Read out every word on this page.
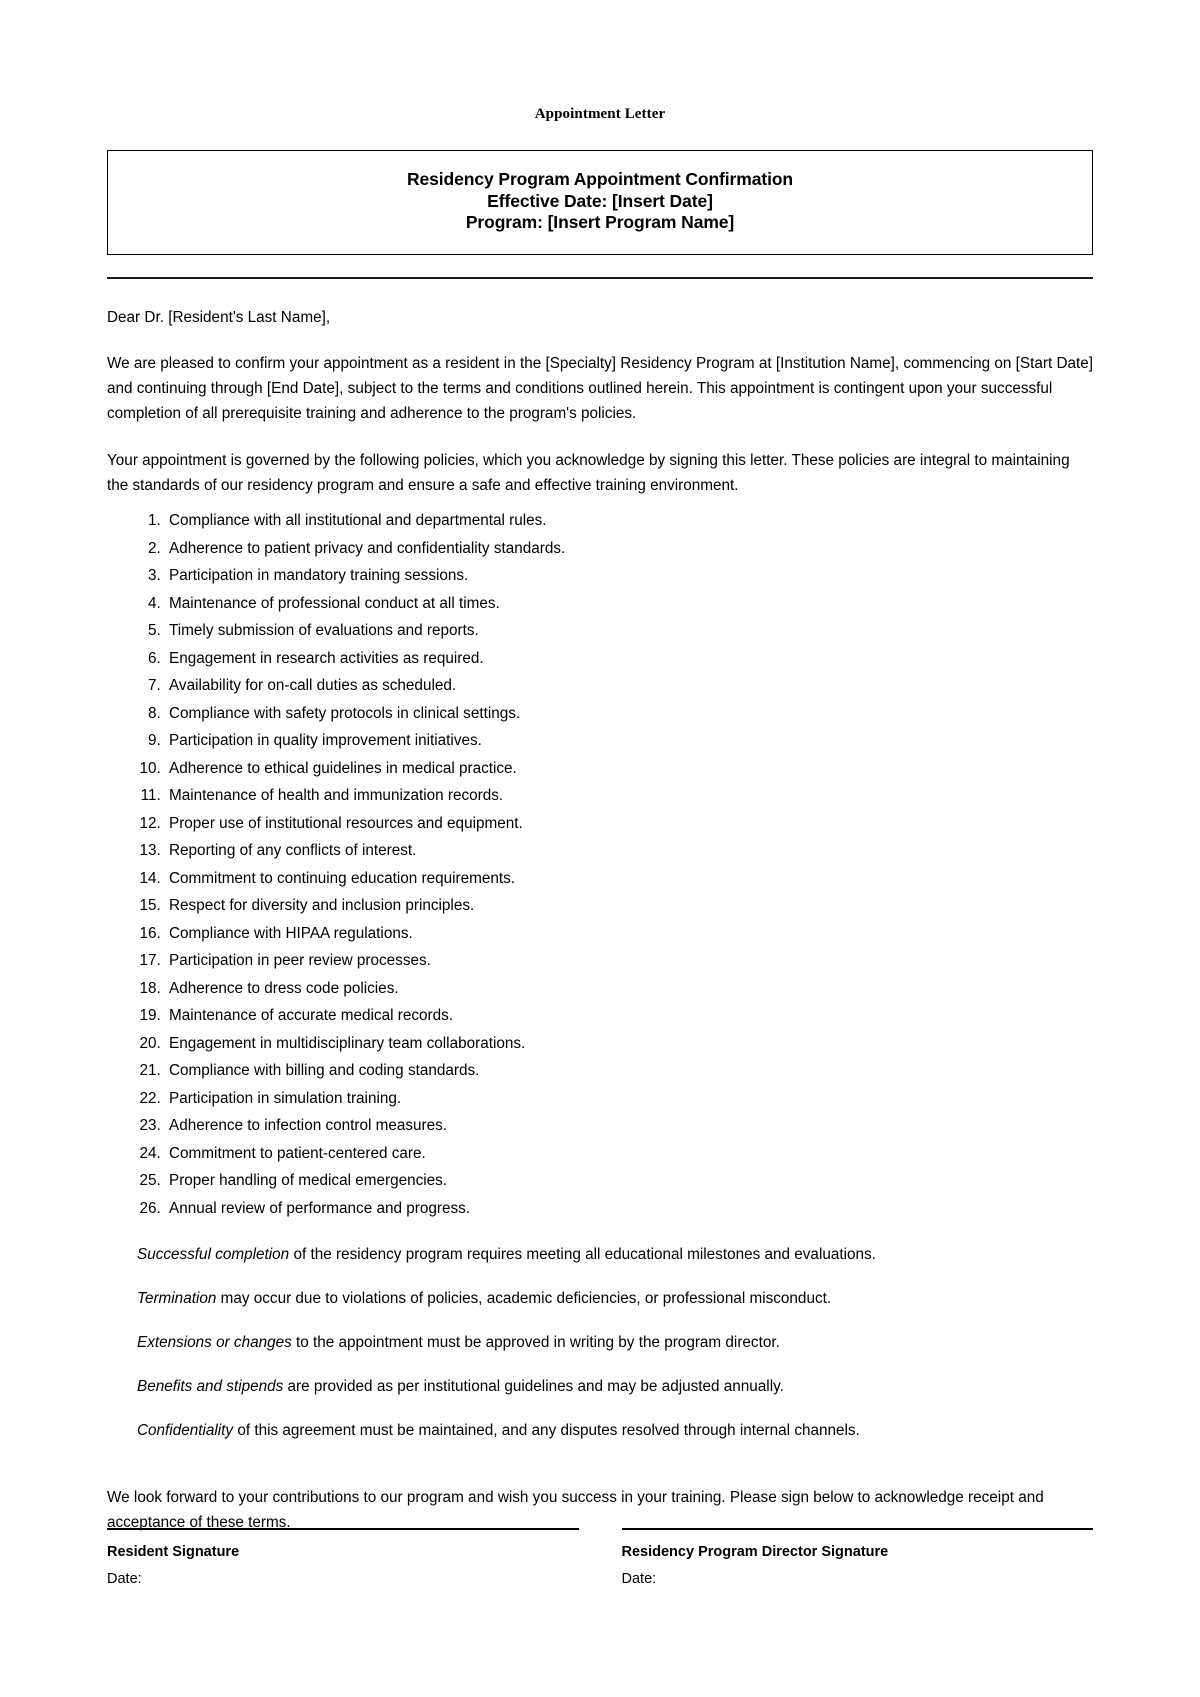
Appointment Letter
Residency Program Appointment Confirmation
Effective Date: [Insert Date]
Program: [Insert Program Name]

Dear Dr. [Resident's Last Name],

We are pleased to confirm your appointment as a resident in the [Specialty] Residency Program at [Institution Name], commencing on [Start Date] and continuing through [End Date], subject to the terms and conditions outlined herein. This appointment is contingent upon your successful completion of all prerequisite training and adherence to the program's policies.

Your appointment is governed by the following policies, which you acknowledge by signing this letter. These policies are integral to maintaining the standards of our residency program and ensure a safe and effective training environment.

1. Compliance with all institutional and departmental rules.
2. Adherence to patient privacy and confidentiality standards.
3. Participation in mandatory training sessions.
4. Maintenance of professional conduct at all times.
5. Timely submission of evaluations and reports.
6. Engagement in research activities as required.
7. Availability for on-call duties as scheduled.
8. Compliance with safety protocols in clinical settings.
9. Participation in quality improvement initiatives.
10. Adherence to ethical guidelines in medical practice.
11. Maintenance of health and immunization records.
12. Proper use of institutional resources and equipment.
13. Reporting of any conflicts of interest.
14. Commitment to continuing education requirements.
15. Respect for diversity and inclusion principles.
16. Compliance with HIPAA regulations.
17. Participation in peer review processes.
18. Adherence to dress code policies.
19. Maintenance of accurate medical records.
20. Engagement in multidisciplinary team collaborations.
21. Compliance with billing and coding standards.
22. Participation in simulation training.
23. Adherence to infection control measures.
24. Commitment to patient-centered care.
25. Proper handling of medical emergencies.
26. Annual review of performance and progress.

Successful completion of the residency program requires meeting all educational milestones and evaluations.

Termination may occur due to violations of policies, academic deficiencies, or professional misconduct.

Extensions or changes to the appointment must be approved in writing by the program director.

Benefits and stipends are provided as per institutional guidelines and may be adjusted annually.

Confidentiality of this agreement must be maintained, and any disputes resolved through internal channels.

We look forward to your contributions to our program and wish you success in your training. Please sign below to acknowledge receipt and acceptance of these terms.

Resident Signature

Date:

Residency Program Director Signature

Date:
